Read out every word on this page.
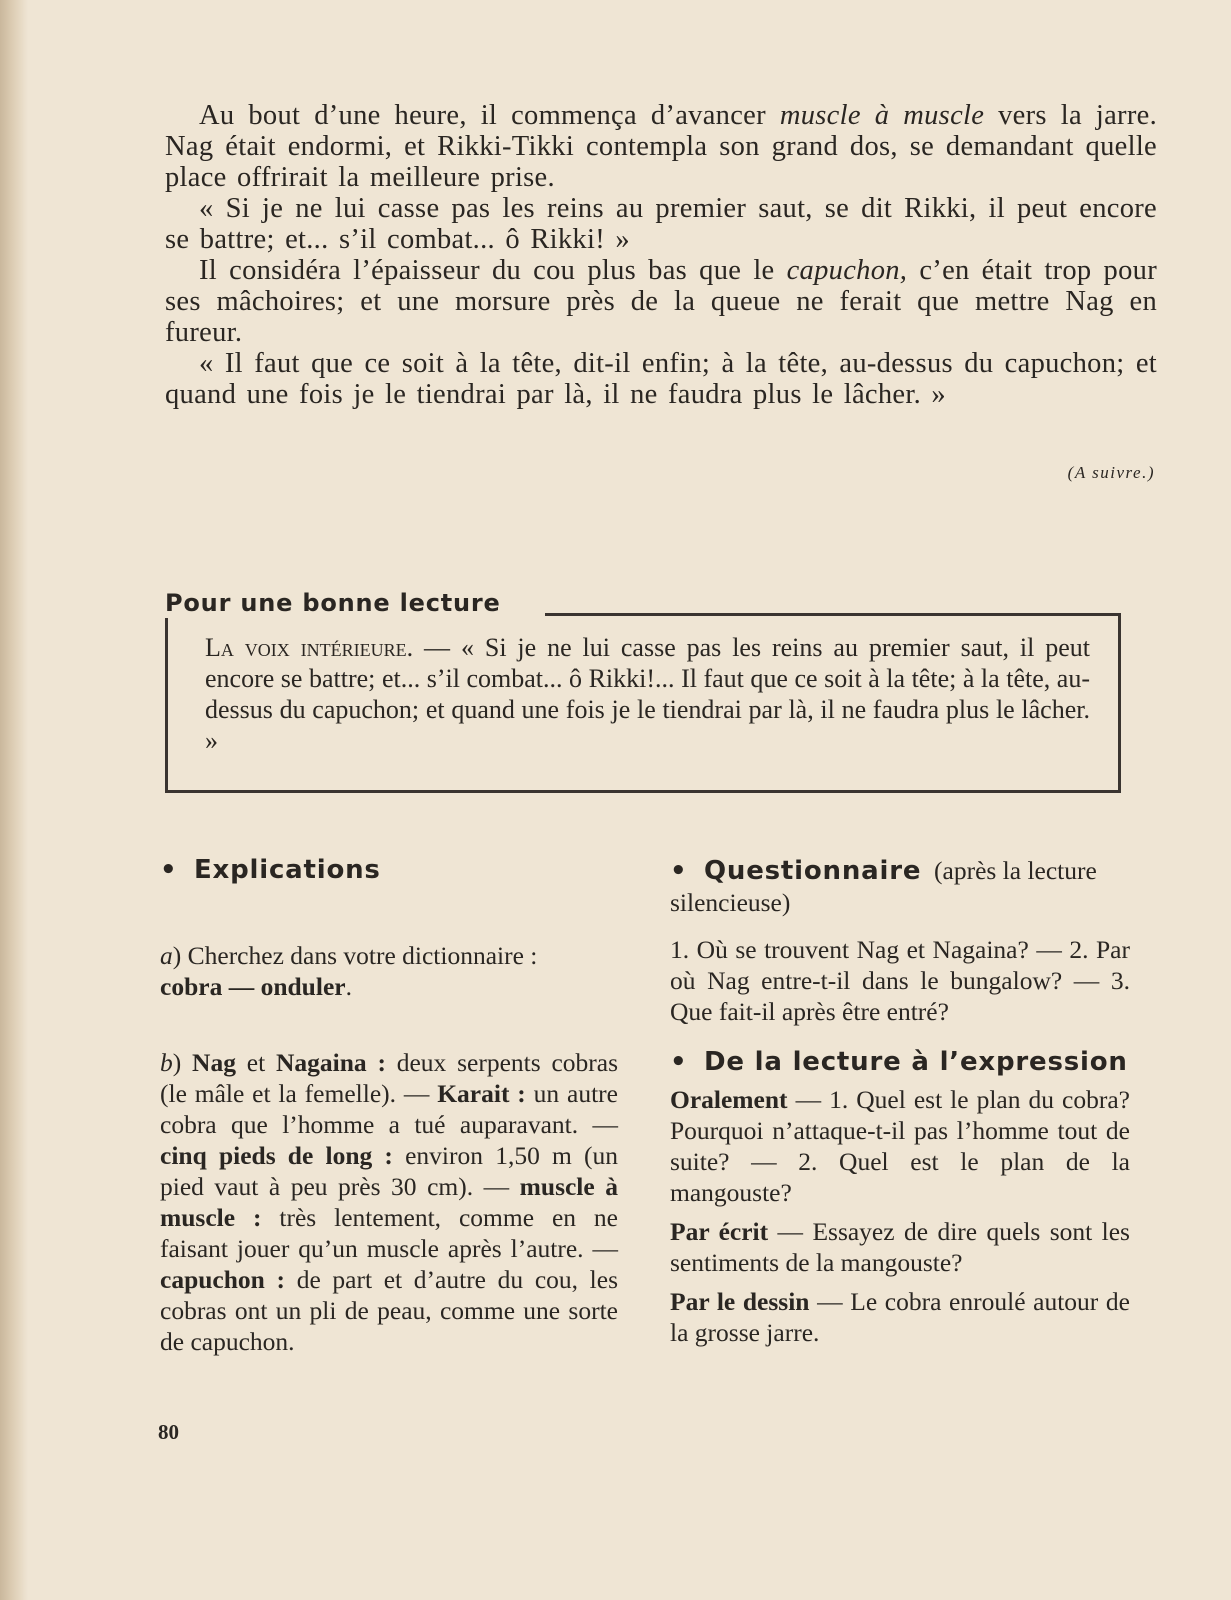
Au bout d’une heure, il commença d’avancer muscle à muscle vers la jarre. Nag était endormi, et Rikki-Tikki contempla son grand dos, se demandant quelle place offrirait la meilleure prise.

« Si je ne lui casse pas les reins au premier saut, se dit Rikki, il peut encore se battre; et... s’il combat... ô Rikki! »

Il considéra l’épaisseur du cou plus bas que le capuchon, c’en était trop pour ses mâchoires; et une morsure près de la queue ne ferait que mettre Nag en fureur.

« Il faut que ce soit à la tête, dit-il enfin; à la tête, au-dessus du capuchon; et quand une fois je le tiendrai par là, il ne faudra plus le lâcher. »

(A suivre.)
Pour une bonne lecture
La voix intérieure. — « Si je ne lui casse pas les reins au premier saut, il peut encore se battre; et... s’il combat... ô Rikki!... Il faut que ce soit à la tête; à la tête, au-dessus du capuchon; et quand une fois je le tiendrai par là, il ne faudra plus le lâcher. »
• Explications

a) Cherchez dans votre dictionnaire :
cobra — onduler.

b) Nag et Nagaina : deux serpents cobras (le mâle et la femelle). — Karait : un autre cobra que l’homme a tué auparavant. — cinq pieds de long : environ 1,50 m (un pied vaut à peu près 30 cm). — muscle à muscle : très lentement, comme en ne faisant jouer qu’un muscle après l’autre. — capuchon : de part et d’autre du cou, les cobras ont un pli de peau, comme une sorte de capuchon.

• Questionnaire (après la lecture silencieuse)

1. Où se trouvent Nag et Nagaina? — 2. Par où Nag entre-t-il dans le bungalow? — 3. Que fait-il après être entré?

• De la lecture à l’expression

Oralement — 1. Quel est le plan du cobra? Pourquoi n’attaque-t-il pas l’homme tout de suite? — 2. Quel est le plan de la mangouste?

Par écrit — Essayez de dire quels sont les sentiments de la mangouste?

Par le dessin — Le cobra enroulé autour de la grosse jarre.

80
